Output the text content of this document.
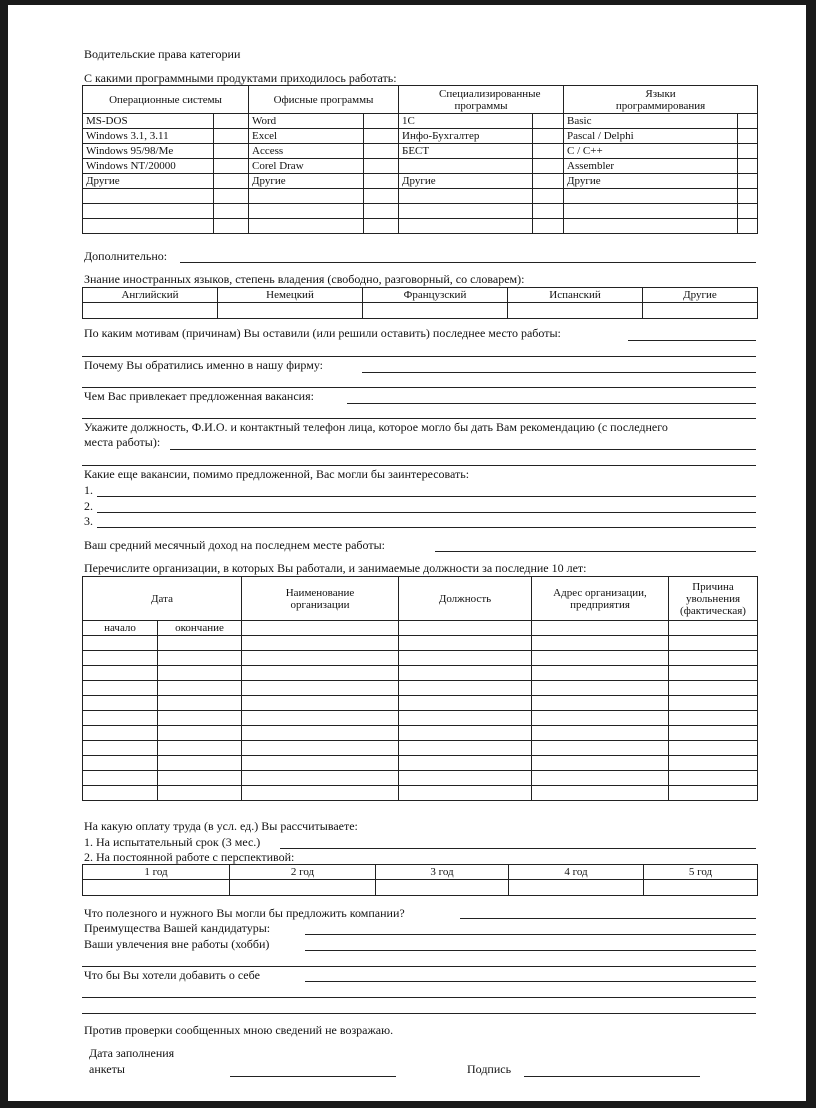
Водительские права категории
С какими программными продуктами приходилось работать:
Операционные системы		Офисные программы		Специализированные программы		Языки программирования	
MS-DOS		Word		1С		Basic	
Windows 3.1, 3.11		Excel		Инфо-Бухгалтер		Pascal / Delphi	
Windows 95/98/Me		Access		БЕСТ		C / C++	
Windows NT/20000		Corel Draw				Assembler	
Другие		Другие		Другие		Другие	

Дополнительно:
Знание иностранных языков, степень владения (свободно, разговорный, со словарем):
Английский	Немецкий	Французский	Испанский	Другие

По каким мотивам (причинам) Вы оставили (или решили оставить) последнее место работы:
Почему Вы обратились именно в нашу фирму:
Чем Вас привлекает предложенная вакансия:
Укажите должность, Ф.И.О. и контактный телефон лица, которое могло бы дать Вам рекомендацию (с последнего
места работы):
Какие еще вакансии, помимо предложенной, Вас могли бы заинтересовать:
1.
2.
3.
Ваш средний месячный доход на последнем месте работы:
Перечислите организации, в которых Вы работали, и занимаемые должности за последние 10 лет:
Дата		Наименование организации	Должность	Адрес организации, предприятия	Причина увольнения (фактическая)
начало	окончание				

На какую оплату труда (в усл. ед.) Вы рассчитываете:
1. На испытательный срок (3 мес.)
2. На постоянной работе с перспективой:
1 год	2 год	3 год	4 год	5 год

Что полезного и нужного Вы могли бы предложить компании?
Преимущества Вашей кандидатуры:
Ваши увлечения вне работы (хобби)
Что бы Вы хотели добавить о себе
Против проверки сообщенных мною сведений не возражаю.
Дата заполнения
анкеты	Подпись
